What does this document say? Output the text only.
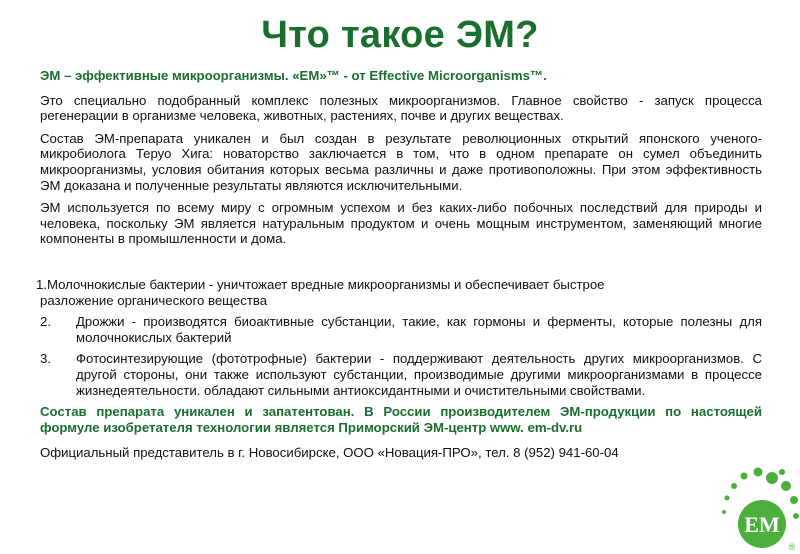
Что такое ЭМ?

ЭМ – эффективные микроорганизмы. «EM»™ - от Effective Microorganisms™.

Это специально подобранный комплекс полезных микроорганизмов. Главное свойство - запуск процесса регенерации в организме человека, животных, растениях, почве и других веществах.

Состав ЭМ-препарата уникален и был создан в результате революционных открытий японского ученого-микробиолога Теруо Хига: новаторство заключается в том, что в одном препарате он сумел объединить микроорганизмы, условия обитания которых весьма различны и даже противоположны. При этом эффективность ЭМ доказана и полученные результаты являются исключительными.

ЭМ используется по всему миру с огромным успехом и без каких-либо побочных последствий для природы и человека, поскольку ЭМ является натуральным продуктом и очень мощным инструментом, заменяющий многие компоненты в промышленности и дома.

1.Молочнокислые бактерии - уничтожает вредные микроорганизмы и обеспечивает быстрое
разложение органического вещества
2.	Дрожжи - производятся биоактивные субстанции, такие, как гормоны и ферменты, которые полезны для молочнокислых бактерий
3.	Фотосинтезирующие (фототрофные) бактерии - поддерживают деятельность других микроорганизмов. С другой стороны, они также используют субстанции, производимые другими микроорганизмами в процессе жизнедеятельности. обладают сильными антиоксидантными и очистительными свойствами.

Состав препарата уникален и запатентован. В России производителем ЭМ-продукции по настоящей формуле изобретателя технологии является Приморский ЭМ-центр www. em-dv.ru

Официальный представитель в г. Новосибирске, ООО «Новация-ПРО», тел. 8 (952) 941-60-04

EM
®
